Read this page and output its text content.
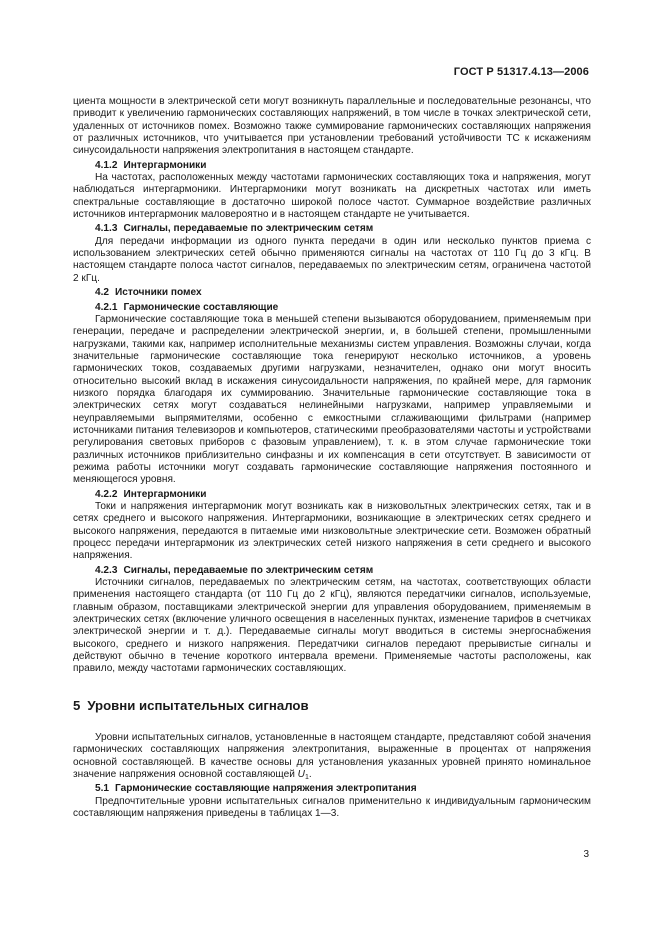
ГОСТ Р 51317.4.13—2006

циента мощности в электрической сети могут возникнуть параллельные и последовательные резонансы, что приводит к увеличению гармонических составляющих напряжений, в том числе в точках электрической сети, удаленных от источников помех. Возможно также суммирование гармонических составляющих напряжения от различных источников, что учитывается при установлении требований устойчивости ТС к искажениям синусоидальности напряжения электропитания в настоящем стандарте.

4.1.2 Интергармоники

На частотах, расположенных между частотами гармонических составляющих тока и напряжения, могут наблюдаться интергармоники. Интергармоники могут возникать на дискретных частотах или иметь спектральные составляющие в достаточно широкой полосе частот. Суммарное воздействие различных источников интергармоник маловероятно и в настоящем стандарте не учитывается.

4.1.3 Сигналы, передаваемые по электрическим сетям

Для передачи информации из одного пункта передачи в один или несколько пунктов приема с использованием электрических сетей обычно применяются сигналы на частотах от 110 Гц до 3 кГц. В настоящем стандарте полоса частот сигналов, передаваемых по электрическим сетям, ограничена частотой 2 кГц.

4.2 Источники помех
4.2.1 Гармонические составляющие

Гармонические составляющие тока в меньшей степени вызываются оборудованием, применяемым при генерации, передаче и распределении электрической энергии, и, в большей степени, промышленными нагрузками, такими как, например исполнительные механизмы систем управления. Возможны случаи, когда значительные гармонические составляющие тока генерируют несколько источников, а уровень гармонических токов, создаваемых другими нагрузками, незначителен, однако они могут вносить относительно высокий вклад в искажения синусоидальности напряжения, по крайней мере, для гармоник низкого порядка благодаря их суммированию. Значительные гармонические составляющие тока в электрических сетях могут создаваться нелинейными нагрузками, например управляемыми и неуправляемыми выпрямителями, особенно с емкостными сглаживающими фильтрами (например источниками питания телевизоров и компьютеров, статическими преобразователями частоты и устройствами регулирования световых приборов с фазовым управлением), т. к. в этом случае гармонические токи различных источников приблизительно синфазны и их компенсация в сети отсутствует. В зависимости от режима работы источники могут создавать гармонические составляющие напряжения постоянного и меняющегося уровня.

4.2.2 Интергармоники

Токи и напряжения интергармоник могут возникать как в низковольтных электрических сетях, так и в сетях среднего и высокого напряжения. Интергармоники, возникающие в электрических сетях среднего и высокого напряжения, передаются в питаемые ими низковольтные электрические сети. Возможен обратный процесс передачи интергармоник из электрических сетей низкого напряжения в сети среднего и высокого напряжения.

4.2.3 Сигналы, передаваемые по электрическим сетям

Источники сигналов, передаваемых по электрическим сетям, на частотах, соответствующих области применения настоящего стандарта (от 110 Гц до 2 кГц), являются передатчики сигналов, используемые, главным образом, поставщиками электрической энергии для управления оборудованием, применяемым в электрических сетях (включение уличного освещения в населенных пунктах, изменение тарифов в счетчиках электрической энергии и т. д.). Передаваемые сигналы могут вводиться в системы энергоснабжения высокого, среднего и низкого напряжения. Передатчики сигналов передают прерывистые сигналы и действуют обычно в течение короткого интервала времени. Применяемые частоты расположены, как правило, между частотами гармонических составляющих.

5 Уровни испытательных сигналов

Уровни испытательных сигналов, установленные в настоящем стандарте, представляют собой значения гармонических составляющих напряжения электропитания, выраженные в процентах от напряжения основной составляющей. В качестве основы для установления указанных уровней принято номинальное значение напряжения основной составляющей $U_1$.

5.1 Гармонические составляющие напряжения электропитания

Предпочтительные уровни испытательных сигналов применительно к индивидуальным гармоническим составляющим напряжения приведены в таблицах 1—3.

3
